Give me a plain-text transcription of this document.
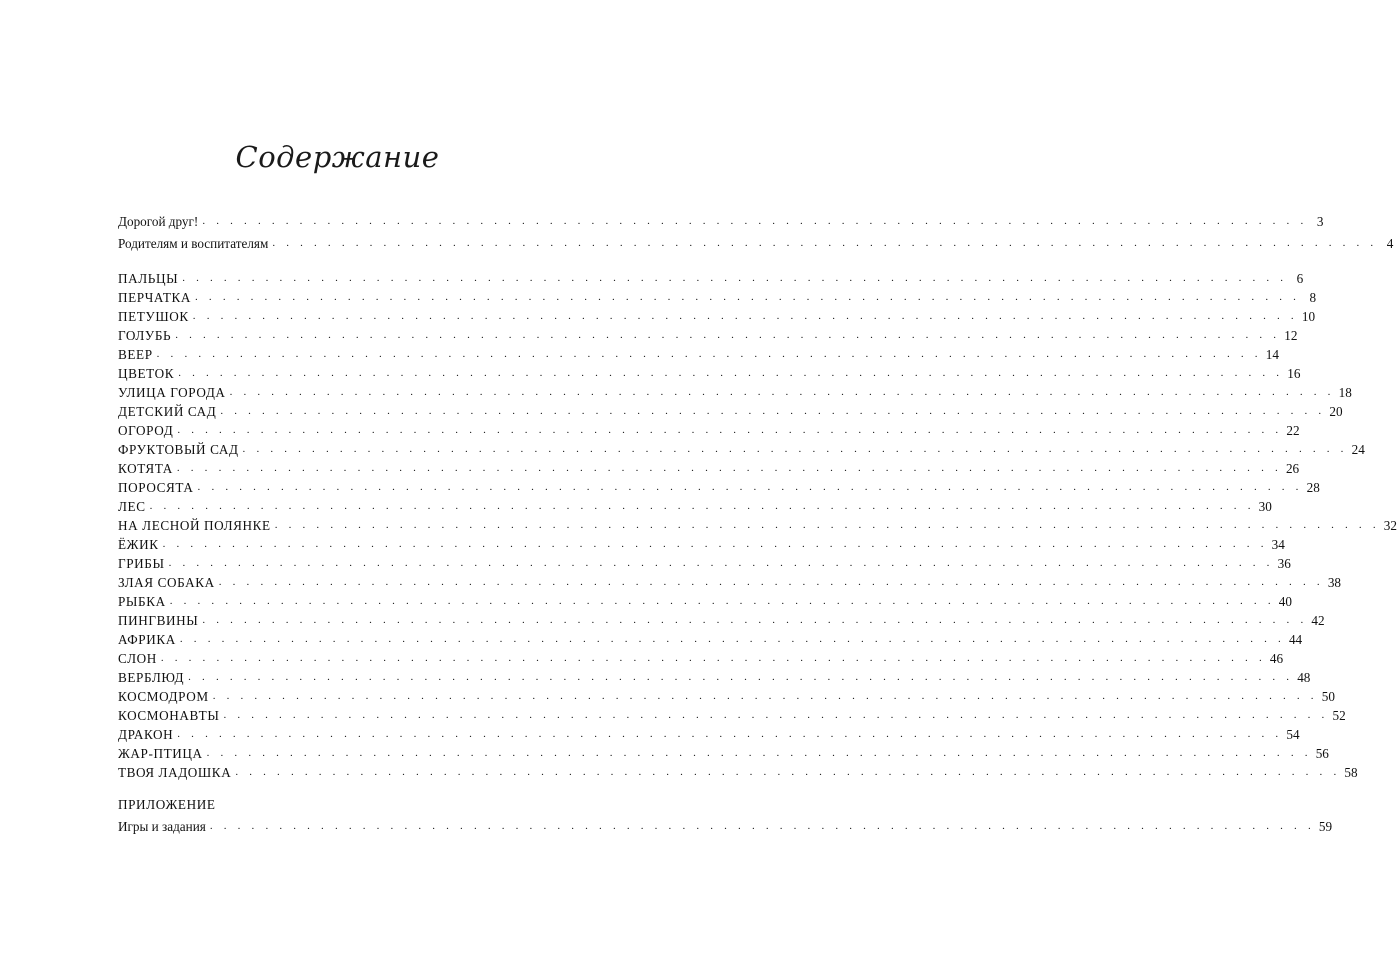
Содержание
ПРИЛОЖЕНИЕ
Дорогой друг! . . . . . . . . . . . . . . . . . . . . . . . . . . . . . . . . . . . . . . . . . . . . . . . . . . . . . . . . . . . . . . . . . . . . . . . . . . . . . . . . 3
Родителям и воспитателям . . . . . . . . . . . . . . . . . . . . . . . . . . . . . . . . . . . . . . . . . . . . . . . . . . . . . . . . . . . . . . . . . . . . . . . . . . . . . . . . 4
ПАЛЬЦЫ . . . . . . . . . . . . . . . . . . . . . . . . . . . . . . . . . . . . . . . . . . . . . . . . . . . . . . . . . . . . . . . . . . . . . . . . . . . . . . . . 6
ПЕРЧАТКА . . . . . . . . . . . . . . . . . . . . . . . . . . . . . . . . . . . . . . . . . . . . . . . . . . . . . . . . . . . . . . . . . . . . . . . . . . . . . . . . 8
ПЕТУШОК . . . . . . . . . . . . . . . . . . . . . . . . . . . . . . . . . . . . . . . . . . . . . . . . . . . . . . . . . . . . . . . . . . . . . . . . . . . . . . . . 10
ГОЛУБЬ . . . . . . . . . . . . . . . . . . . . . . . . . . . . . . . . . . . . . . . . . . . . . . . . . . . . . . . . . . . . . . . . . . . . . . . . . . . . . . . . 12
ВЕЕР . . . . . . . . . . . . . . . . . . . . . . . . . . . . . . . . . . . . . . . . . . . . . . . . . . . . . . . . . . . . . . . . . . . . . . . . . . . . . . . . 14
ЦВЕТОК . . . . . . . . . . . . . . . . . . . . . . . . . . . . . . . . . . . . . . . . . . . . . . . . . . . . . . . . . . . . . . . . . . . . . . . . . . . . . . . . 16
УЛИЦА ГОРОДА . . . . . . . . . . . . . . . . . . . . . . . . . . . . . . . . . . . . . . . . . . . . . . . . . . . . . . . . . . . . . . . . . . . . . . . . . . . . . . . . 18
ДЕТСКИЙ САД . . . . . . . . . . . . . . . . . . . . . . . . . . . . . . . . . . . . . . . . . . . . . . . . . . . . . . . . . . . . . . . . . . . . . . . . . . . . . . . . 20
ОГОРОД . . . . . . . . . . . . . . . . . . . . . . . . . . . . . . . . . . . . . . . . . . . . . . . . . . . . . . . . . . . . . . . . . . . . . . . . . . . . . . . . 22
ФРУКТОВЫЙ САД . . . . . . . . . . . . . . . . . . . . . . . . . . . . . . . . . . . . . . . . . . . . . . . . . . . . . . . . . . . . . . . . . . . . . . . . . . . . . . . . 24
КОТЯТА . . . . . . . . . . . . . . . . . . . . . . . . . . . . . . . . . . . . . . . . . . . . . . . . . . . . . . . . . . . . . . . . . . . . . . . . . . . . . . . . 26
ПОРОСЯТА . . . . . . . . . . . . . . . . . . . . . . . . . . . . . . . . . . . . . . . . . . . . . . . . . . . . . . . . . . . . . . . . . . . . . . . . . . . . . . . . 28
ЛЕС . . . . . . . . . . . . . . . . . . . . . . . . . . . . . . . . . . . . . . . . . . . . . . . . . . . . . . . . . . . . . . . . . . . . . . . . . . . . . . . . 30
НА ЛЕСНОЙ ПОЛЯНКЕ . . . . . . . . . . . . . . . . . . . . . . . . . . . . . . . . . . . . . . . . . . . . . . . . . . . . . . . . . . . . . . . . . . . . . . . . . . . . . . . . 32
ЁЖИК . . . . . . . . . . . . . . . . . . . . . . . . . . . . . . . . . . . . . . . . . . . . . . . . . . . . . . . . . . . . . . . . . . . . . . . . . . . . . . . . 34
ГРИБЫ . . . . . . . . . . . . . . . . . . . . . . . . . . . . . . . . . . . . . . . . . . . . . . . . . . . . . . . . . . . . . . . . . . . . . . . . . . . . . . . . 36
ЗЛАЯ СОБАКА . . . . . . . . . . . . . . . . . . . . . . . . . . . . . . . . . . . . . . . . . . . . . . . . . . . . . . . . . . . . . . . . . . . . . . . . . . . . . . . . 38
РЫБКА . . . . . . . . . . . . . . . . . . . . . . . . . . . . . . . . . . . . . . . . . . . . . . . . . . . . . . . . . . . . . . . . . . . . . . . . . . . . . . . . 40
ПИНГВИНЫ . . . . . . . . . . . . . . . . . . . . . . . . . . . . . . . . . . . . . . . . . . . . . . . . . . . . . . . . . . . . . . . . . . . . . . . . . . . . . . . . 42
АФРИКА . . . . . . . . . . . . . . . . . . . . . . . . . . . . . . . . . . . . . . . . . . . . . . . . . . . . . . . . . . . . . . . . . . . . . . . . . . . . . . . . 44
СЛОН . . . . . . . . . . . . . . . . . . . . . . . . . . . . . . . . . . . . . . . . . . . . . . . . . . . . . . . . . . . . . . . . . . . . . . . . . . . . . . . . 46
ВЕРБЛЮД . . . . . . . . . . . . . . . . . . . . . . . . . . . . . . . . . . . . . . . . . . . . . . . . . . . . . . . . . . . . . . . . . . . . . . . . . . . . . . . . 48
КОСМОДРОМ . . . . . . . . . . . . . . . . . . . . . . . . . . . . . . . . . . . . . . . . . . . . . . . . . . . . . . . . . . . . . . . . . . . . . . . . . . . . . . . . 50
КОСМОНАВТЫ . . . . . . . . . . . . . . . . . . . . . . . . . . . . . . . . . . . . . . . . . . . . . . . . . . . . . . . . . . . . . . . . . . . . . . . . . . . . . . . . 52
ДРАКОН . . . . . . . . . . . . . . . . . . . . . . . . . . . . . . . . . . . . . . . . . . . . . . . . . . . . . . . . . . . . . . . . . . . . . . . . . . . . . . . . 54
ЖАР-ПТИЦА . . . . . . . . . . . . . . . . . . . . . . . . . . . . . . . . . . . . . . . . . . . . . . . . . . . . . . . . . . . . . . . . . . . . . . . . . . . . . . . . 56
ТВОЯ ЛАДОШКА . . . . . . . . . . . . . . . . . . . . . . . . . . . . . . . . . . . . . . . . . . . . . . . . . . . . . . . . . . . . . . . . . . . . . . . . . . . . . . . . 58
Игры и задания . . . . . . . . . . . . . . . . . . . . . . . . . . . . . . . . . . . . . . . . . . . . . . . . . . . . . . . . . . . . . . . . . . . . . . . . . . . . . . . . 59
